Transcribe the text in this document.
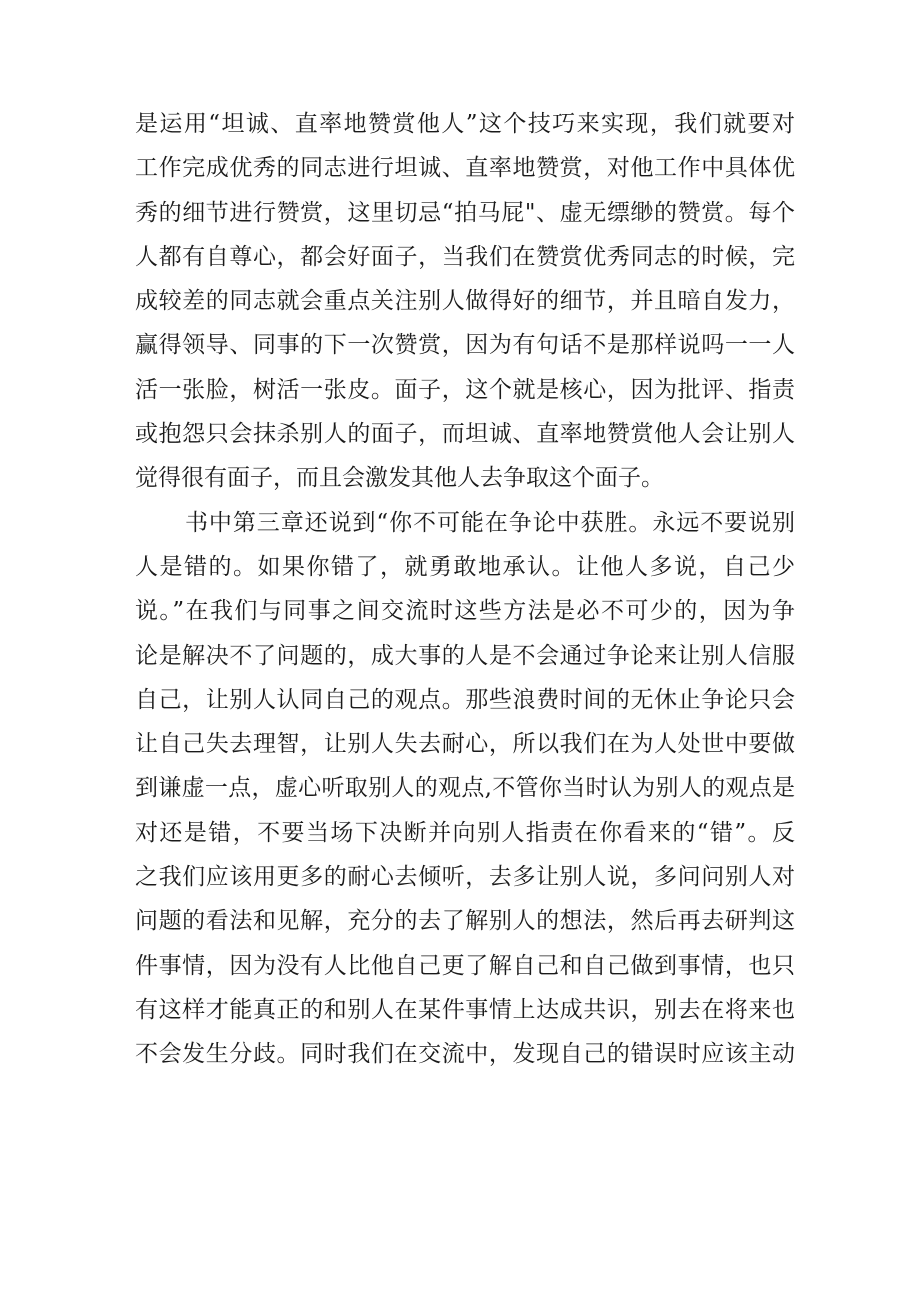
是运用“坦诚、直率地赞赏他人”这个技巧来实现，我们就要对
工作完成优秀的同志进行坦诚、直率地赞赏，对他工作中具体优
秀的细节进行赞赏，这里切忌“拍马屁"、虚无缥缈的赞赏。每个
人都有自尊心，都会好面子，当我们在赞赏优秀同志的时候，完
成较差的同志就会重点关注别人做得好的细节，并且暗自发力，
赢得领导、同事的下一次赞赏，因为有句话不是那样说吗一一人
活一张脸，树活一张皮。面子，这个就是核心，因为批评、指责
或抱怨只会抹杀别人的面子，而坦诚、直率地赞赏他人会让别人
觉得很有面子，而且会激发其他人去争取这个面子。
书中第三章还说到“你不可能在争论中获胜。永远不要说别
人是错的。如果你错了，就勇敢地承认。让他人多说，自己少
说。”在我们与同事之间交流时这些方法是必不可少的，因为争
论是解决不了问题的，成大事的人是不会通过争论来让别人信服
自己，让别人认同自己的观点。那些浪费时间的无休止争论只会
让自己失去理智，让别人失去耐心，所以我们在为人处世中要做
到谦虚一点，虚心听取别人的观点,不管你当时认为别人的观点是
对还是错，不要当场下决断并向别人指责在你看来的“错”。反
之我们应该用更多的耐心去倾听，去多让别人说，多问问别人对
问题的看法和见解，充分的去了解别人的想法，然后再去研判这
件事情，因为没有人比他自己更了解自己和自己做到事情，也只
有这样才能真正的和别人在某件事情上达成共识，别去在将来也
不会发生分歧。同时我们在交流中，发现自己的错误时应该主动
